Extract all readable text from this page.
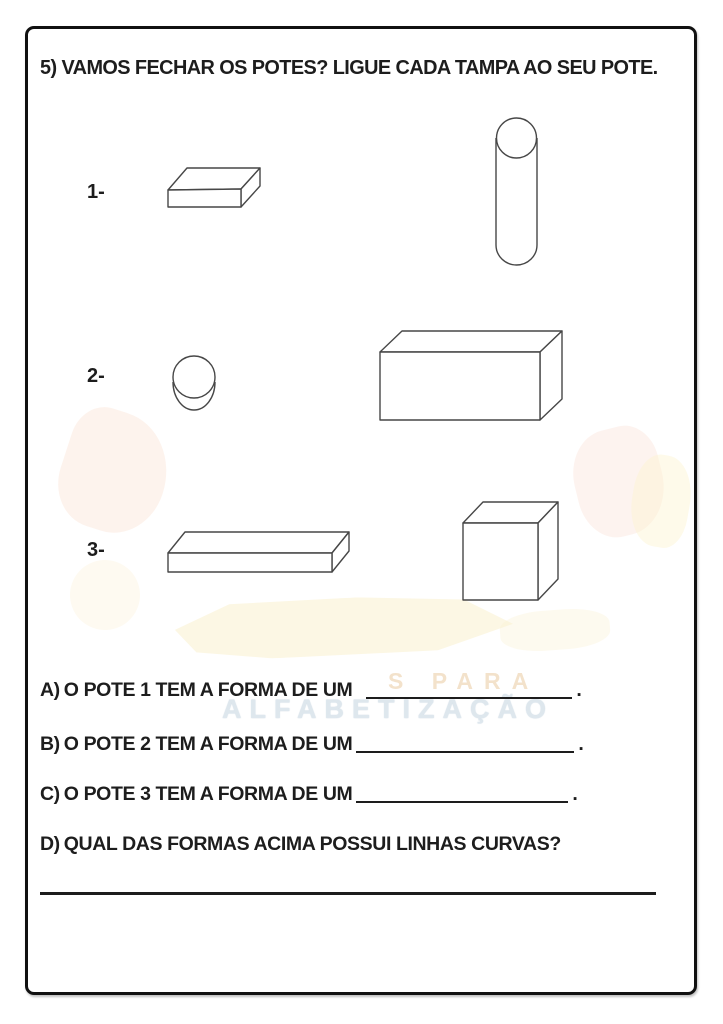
S PARA
ALFABETIZAÇÃO
5) VAMOS FECHAR OS POTES? LIGUE CADA TAMPA AO SEU POTE.
1-
2-
3-
A) O POTE 1 TEM A FORMA DE UM	.
B) O POTE 2 TEM A FORMA DE UM	.
C) O POTE 3 TEM A FORMA DE UM	.
D) QUAL DAS FORMAS ACIMA POSSUI LINHAS CURVAS?
